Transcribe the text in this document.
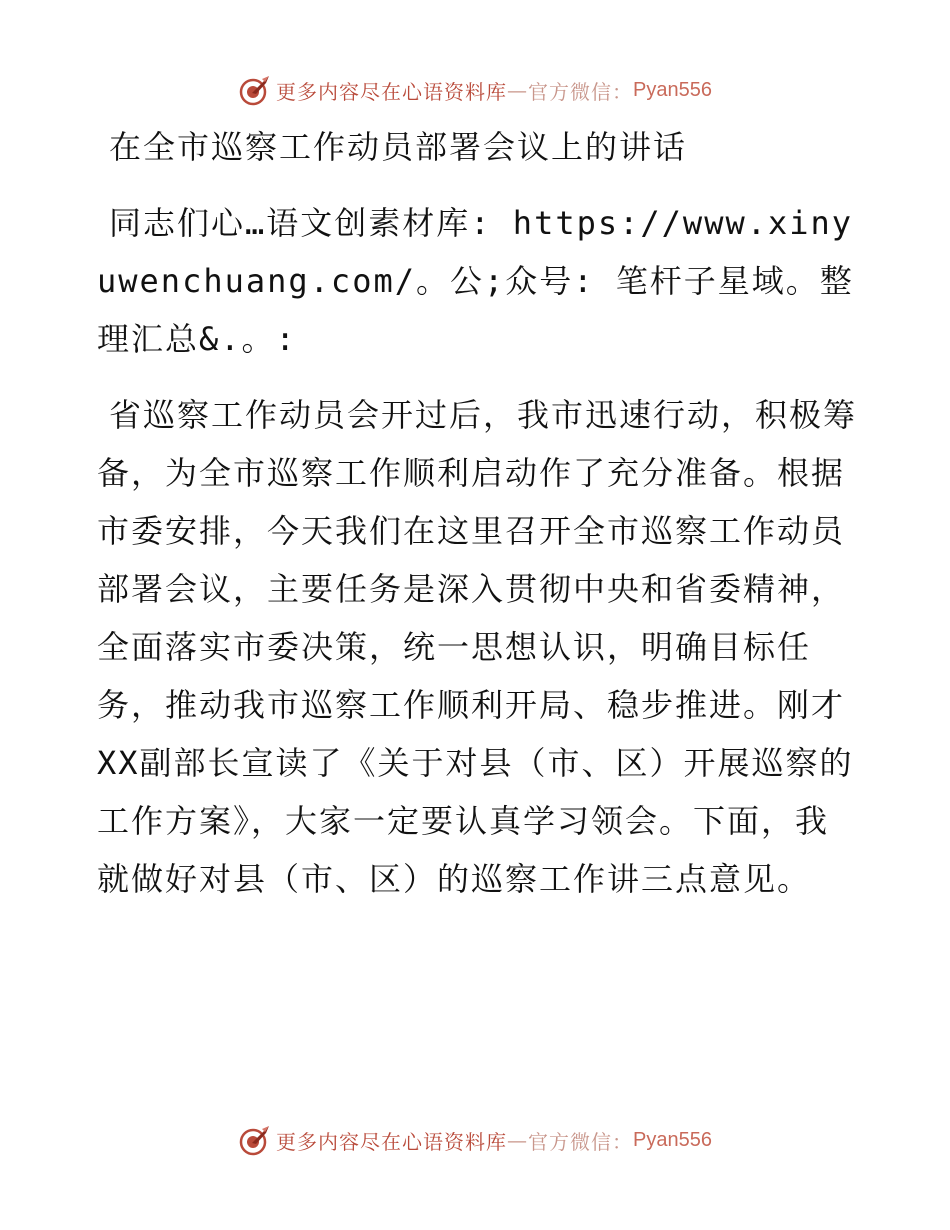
更多内容尽在心语资料库 — 官方微信： Pyan556

在全市巡察工作动员部署会议上的讲话

同志们心…语文创素材库: https://www.xinyuwenchuang.com/。公;众号: 笔杆子星域。整理汇总&.。:

省巡察工作动员会开过后，我市迅速行动，积极筹备，为全市巡察工作顺利启动作了充分准备。根据市委安排，今天我们在这里召开全市巡察工作动员部署会议，主要任务是深入贯彻中央和省委精神，全面落实市委决策，统一思想认识，明确目标任务，推动我市巡察工作顺利开局、稳步推进。刚才XX副部长宣读了《关于对县（市、区）开展巡察的工作方案》，大家一定要认真学习领会。下面，我就做好对县（市、区）的巡察工作讲三点意见。

更多内容尽在心语资料库 — 官方微信： Pyan556
